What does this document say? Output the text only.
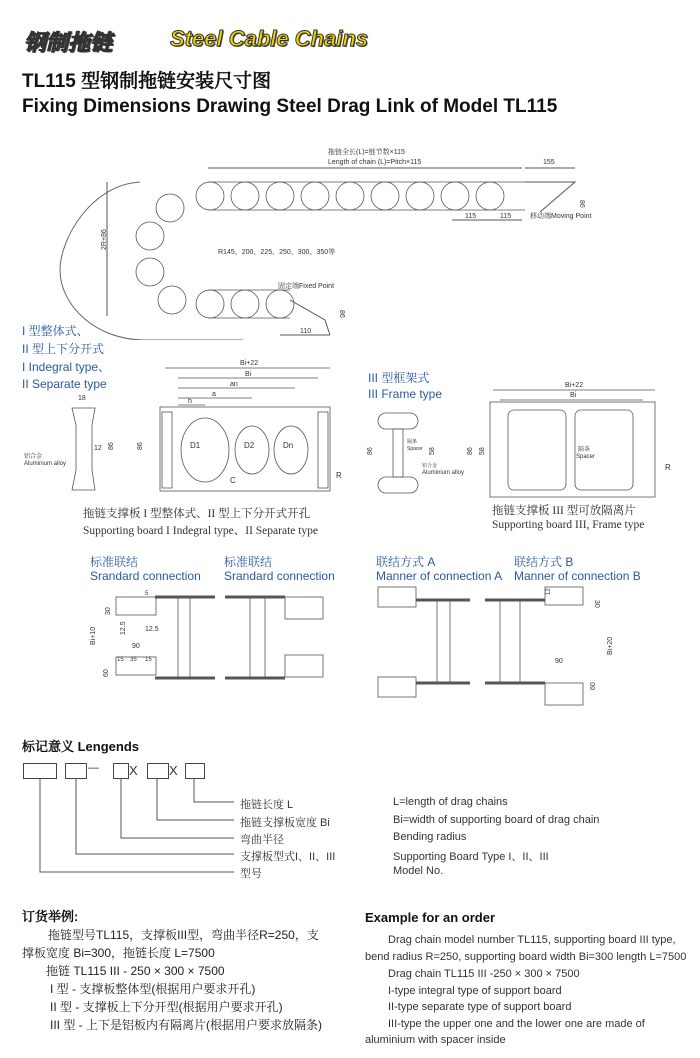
钢制拖链	Steel Cable Chains
TL115 型钢制拖链安装尺寸图
Fixing Dimensions Drawing Steel Drag Link of Model TL115
拖链全长(L)=链节数×115
Length of chain (L)=Pitch×115	155
86
115	115	移动端Moving Point
R145、200、225、250、300、350等
2R+86
固定端Fixed Point
86
110
I 型整体式、
II 型上下分开式
I Indegral type、
II Separate type
18
12 86	86
铝合金
Aluminium alloy
Bi+22
Bi
an
a
h
D1	D2	Dn
C
R
拖链支撑板 I 型整体式、II 型上下分开式开孔
Supporting board I Indegral type、II Separate type
III 型框架式
III Frame type
Bi+22
Bi
86	58	86 58
R
隔条
Spacer
铝合金
Aluminium alloy
隔条
Spacer
拖链支撑板 III 型可放隔离片
Supporting board III, Frame type
标准联结
Srandard connection
标准联结
Srandard connection
联结方式 A
Manner of connection A
联结方式 B
Manner of connection B
Bi+10
30
12.5	12.5
90
15 35 15
60
5
Bi+20
12
30
90
60
标记意义 Lengends
— X X
拖链长度 L
拖链支撑板宽度 Bi
弯曲半径
支撑板型式I、II、III
型号
L=length of drag chains
Bi=width of supporting board of drag chain
Bending radius
Supporting Board Type I、II、III
Model No.
订货举例:
拖链型号TL115，支撑板III型，弯曲半径R=250，支
撑板宽度 Bi=300，拖链长度 L=7500
拖链 TL115 III - 250 × 300 × 7500
I 型 - 支撑板整体型(根据用户要求开孔)
II 型 - 支撑板上下分开型(根据用户要求开孔)
III 型 - 上下是铝板内有隔离片(根据用户要求放隔条)
Example for an order
Drag chain model number TL115, supporting board III type,
bend radius R=250, supporting board width Bi=300 length L=7500
Drag chain TL115 III -250 × 300 × 7500
I-type integral type of support board
II-type separate type of support board
III-type the upper one and the lower one are made of
aluminium with spacer inside
